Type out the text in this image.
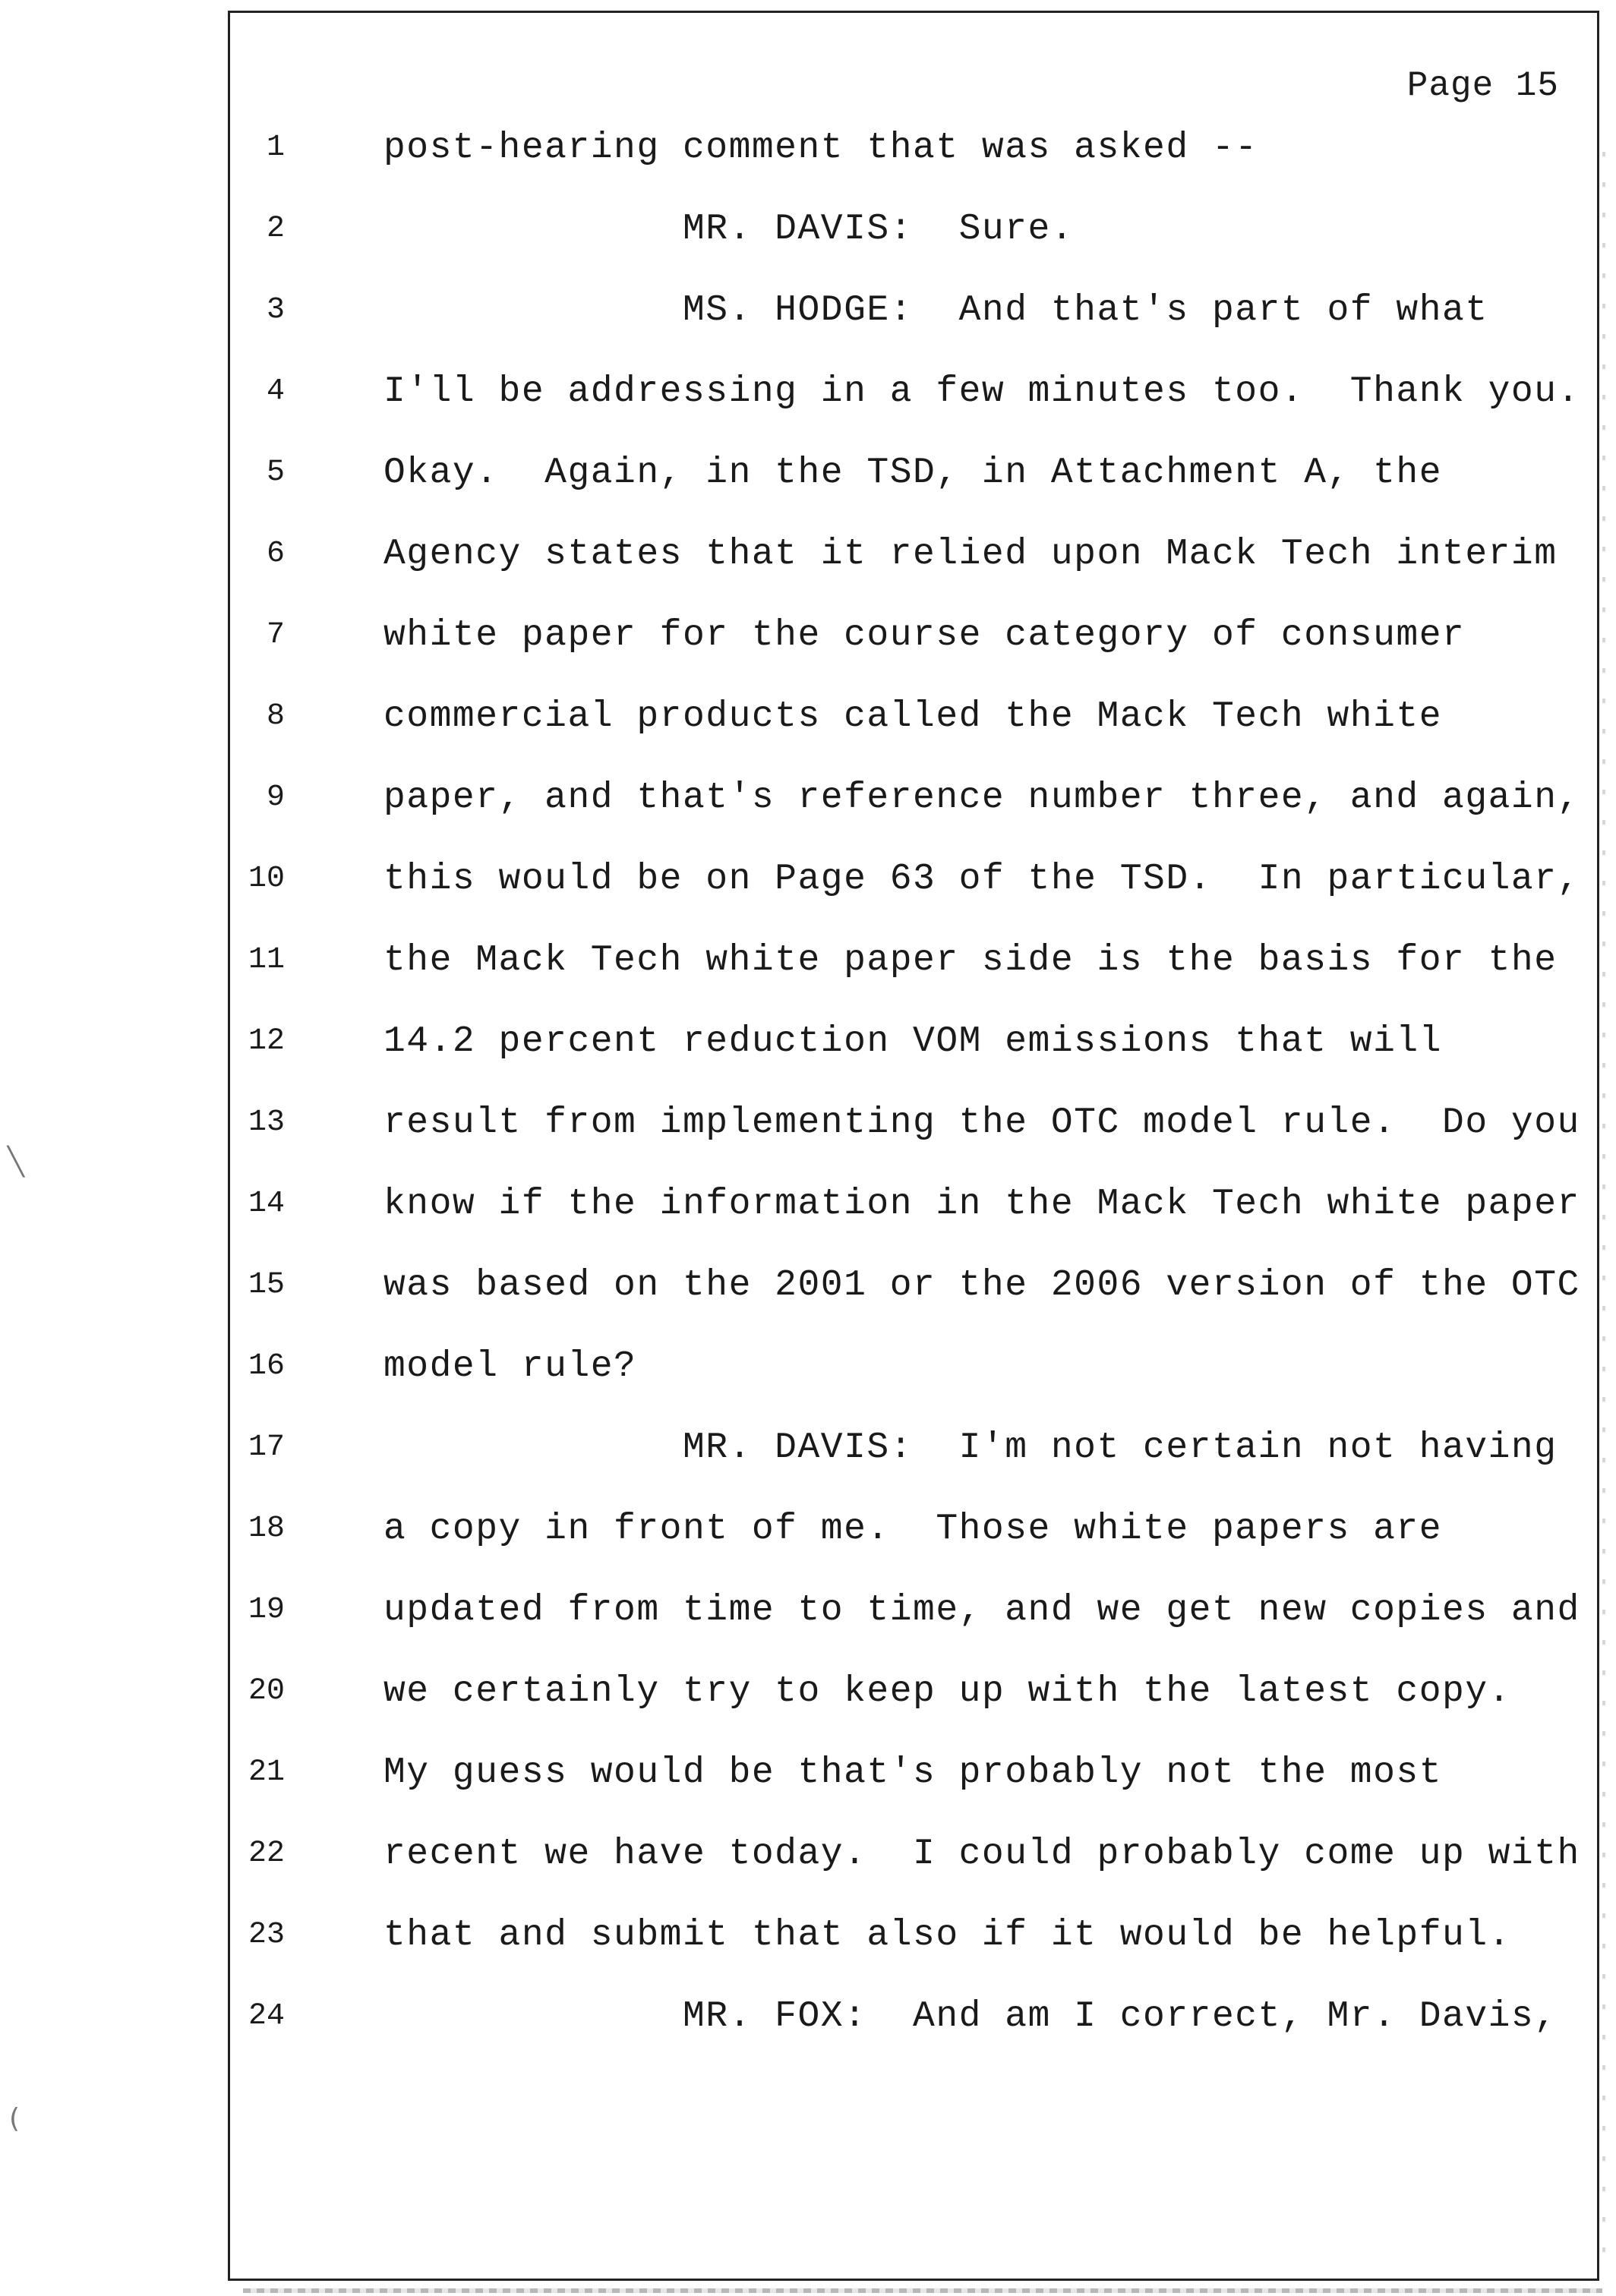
Page 15
1	post-hearing comment that was asked --
2	MR. DAVIS:  Sure.
3	MS. HODGE:  And that's part of what
4	I'll be addressing in a few minutes too.  Thank you.
5	Okay.  Again, in the TSD, in Attachment A, the
6	Agency states that it relied upon Mack Tech interim
7	white paper for the course category of consumer
8	commercial products called the Mack Tech white
9	paper, and that's reference number three, and again,
10	this would be on Page 63 of the TSD.  In particular,
11	the Mack Tech white paper side is the basis for the
12	14.2 percent reduction VOM emissions that will
13	result from implementing the OTC model rule.  Do you
14	know if the information in the Mack Tech white paper
15	was based on the 2001 or the 2006 version of the OTC
16	model rule?
17	MR. DAVIS:  I'm not certain not having
18	a copy in front of me.  Those white papers are
19	updated from time to time, and we get new copies and
20	we certainly try to keep up with the latest copy.
21	My guess would be that's probably not the most
22	recent we have today.  I could probably come up with
23	that and submit that also if it would be helpful.
24	MR. FOX:  And am I correct, Mr. Davis,
╲
(
